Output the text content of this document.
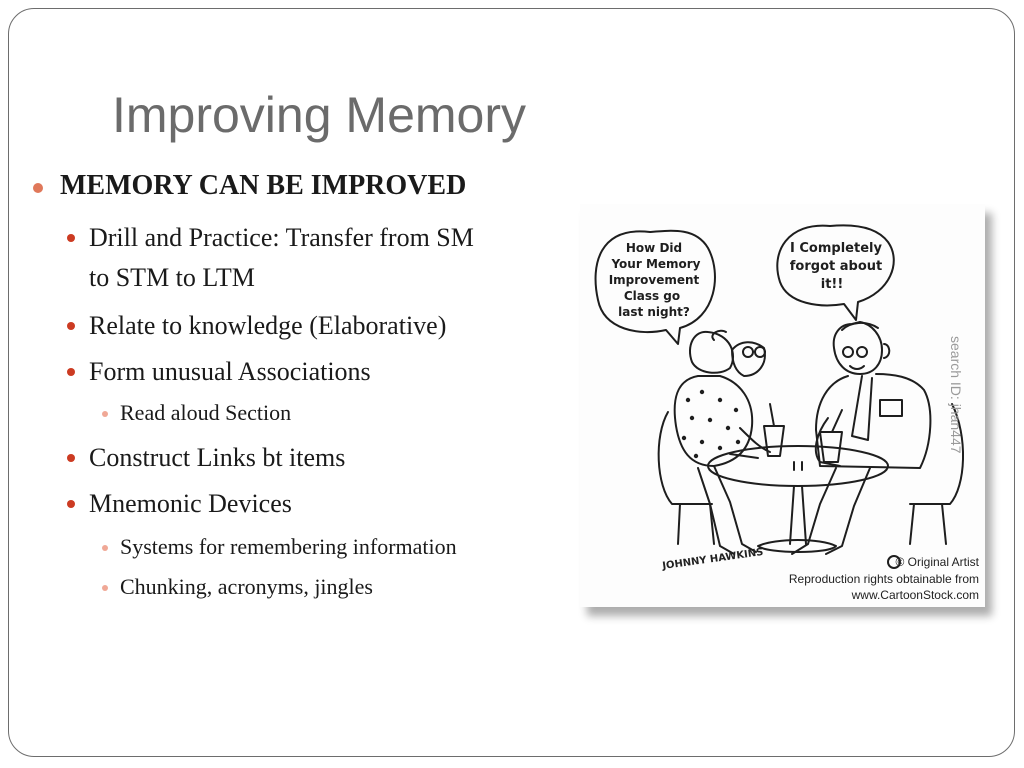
Improving Memory
MEMORY CAN BE IMPROVED
Drill and Practice: Transfer from SM
to STM to LTM
Relate to knowledge (Elaborative)
Form unusual Associations
Read aloud Section
Construct Links bt items
Mnemonic Devices
Systems for remembering information
Chunking, acronyms, jingles
How Did
Your Memory
Improvement
Class go
last night?
I Completely
forgot about
it!!
search ID: jhan447
JOHNNY HAWKINS	© Original Artist
Reproduction rights obtainable from
www.CartoonStock.com
